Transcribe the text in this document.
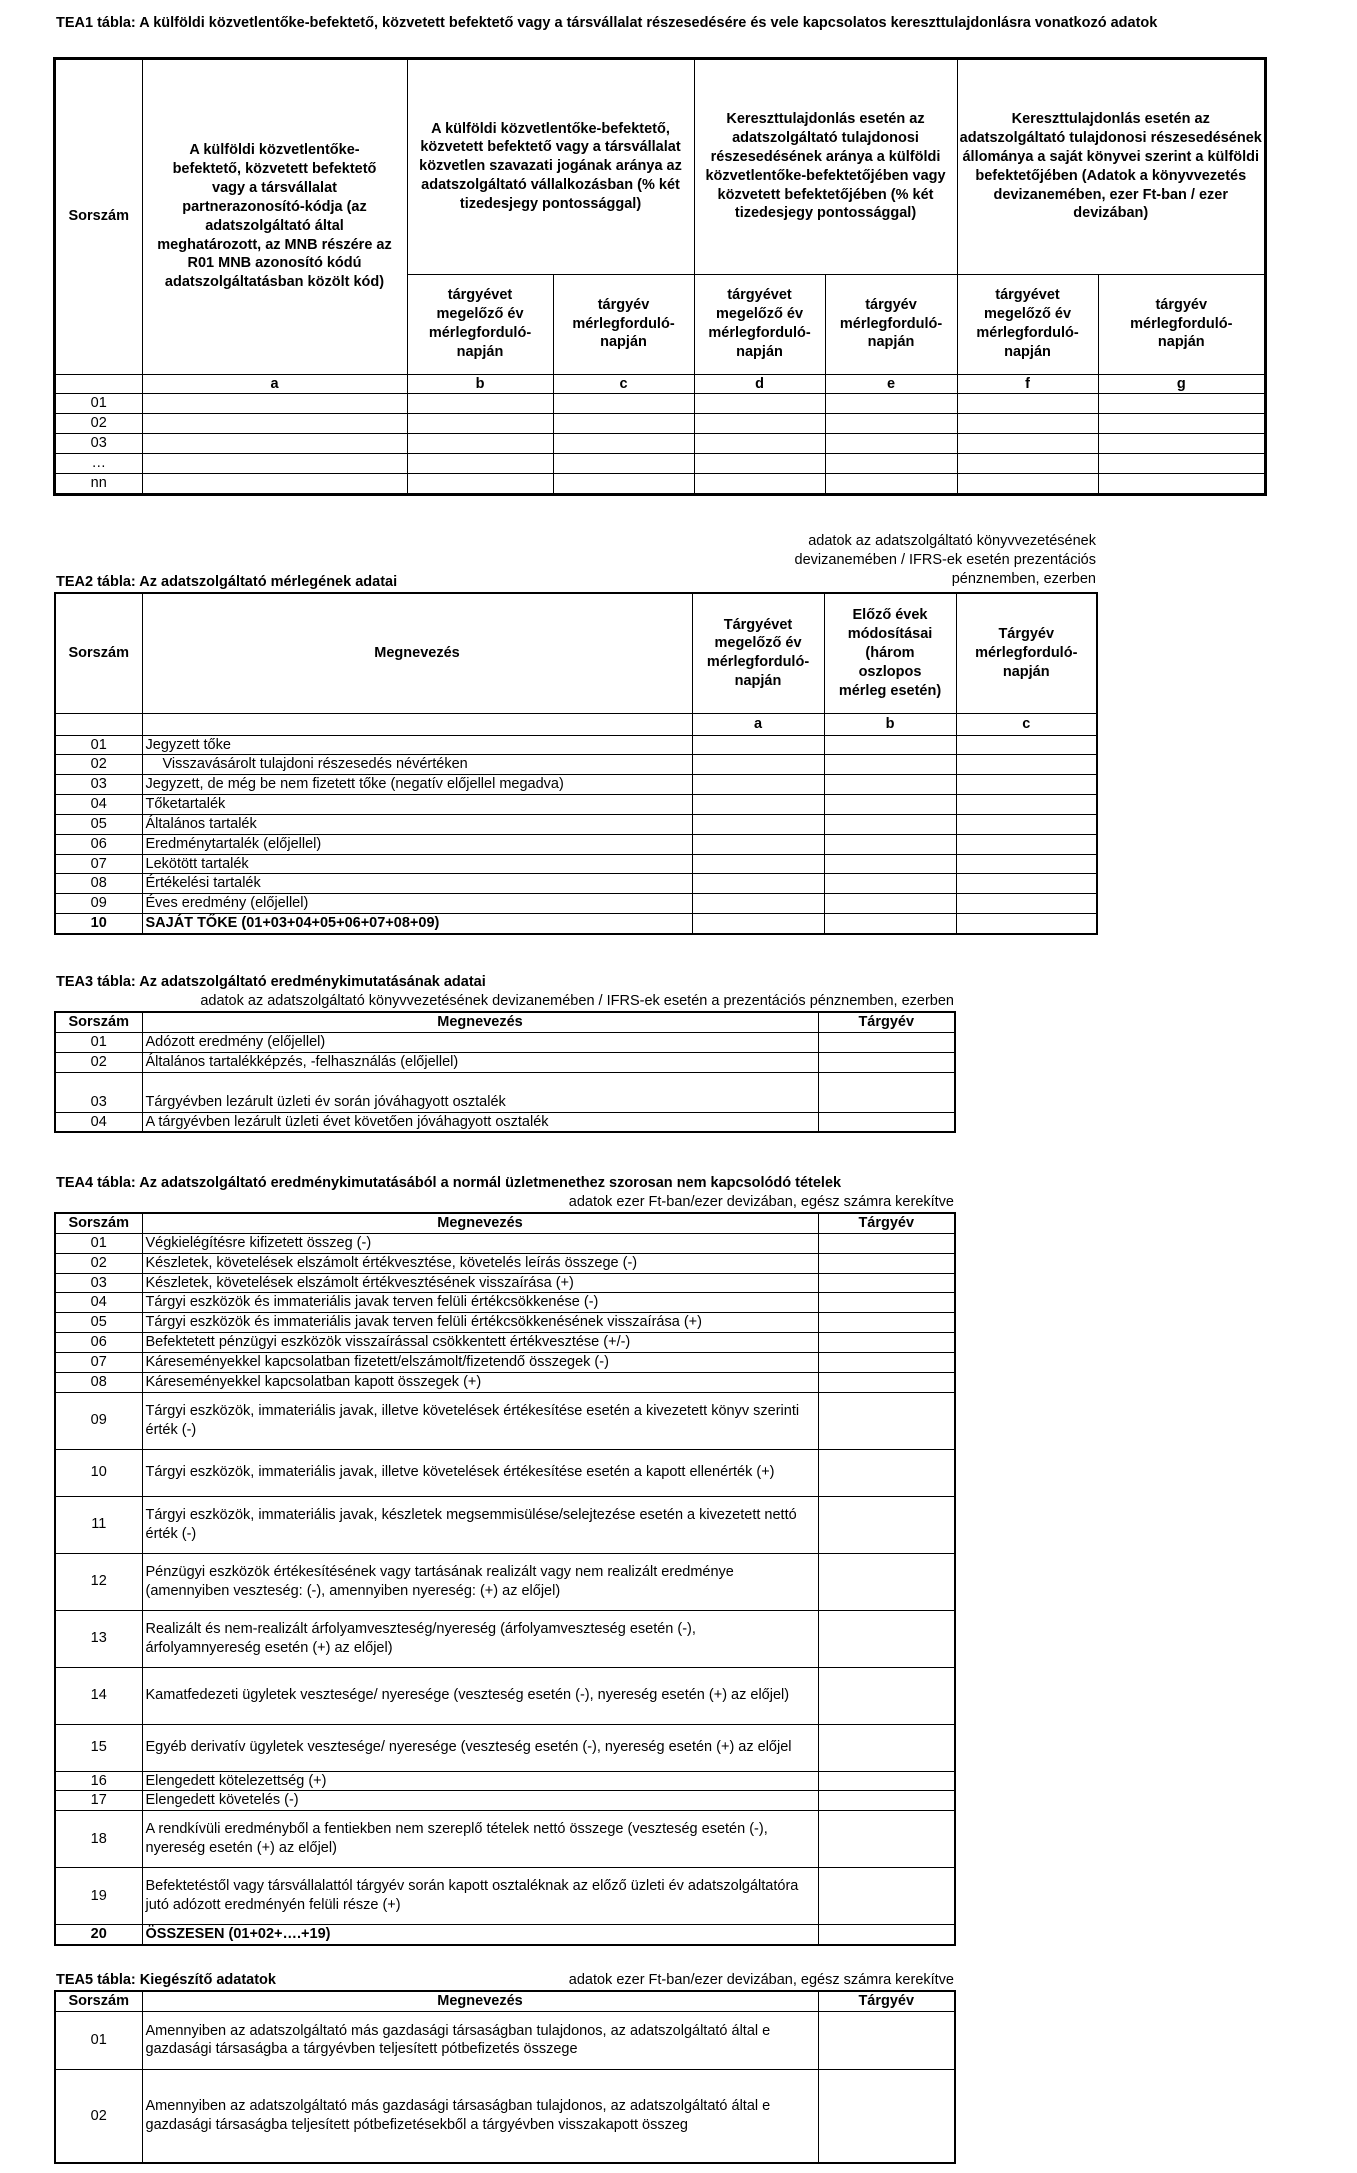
TEA1 tábla: A külföldi közvetlentőke-befektető, közvetett befektető vagy a társvállalat részesedésére és vele kapcsolatos kereszttulajdonlásra vonatkozó adatok
Sorszám	A külföldi közvetlentőke-befektető, közvetett befektető vagy a társvállalat partnerazonosító-kódja (az adatszolgáltató által meghatározott, az MNB részére az R01 MNB azonosító kódú adatszolgáltatásban közölt kód)	A külföldi közvetlentőke-befektető, közvetett befektető vagy a társvállalat közvetlen szavazati jogának aránya az adatszolgáltató vállalkozásban (% két tizedesjegy pontossággal)		Kereszttulajdonlás esetén az adatszolgáltató tulajdonosi részesedésének aránya a külföldi közvetlentőke-befektetőjében vagy közvetett befektetőjében (% két tizedesjegy pontossággal)		Kereszttulajdonlás esetén az adatszolgáltató tulajdonosi részesedésének állománya a saját könyvei szerint a külföldi befektetőjében (Adatok a könyvvezetés devizanemében, ezer Ft-ban / ezer devizában)	
		tárgyévet megelőző év mérlegforduló-napján	tárgyév mérlegforduló-napján	tárgyévet megelőző év mérlegforduló-napján	tárgyév mérlegforduló-napján	tárgyévet megelőző év mérlegforduló-napján	tárgyév mérlegforduló-napján
	a	b	c	d	e	f	g
01							
02							
03							
…							
nn							
adatok az adatszolgáltató könyvvezetésének devizanemében / IFRS-ek esetén prezentációs pénznemben, ezerben
TEA2 tábla: Az adatszolgáltató mérlegének adatai
Sorszám	Megnevezés	Tárgyévet megelőző év mérlegforduló-napján	Előző évek módosításai (három oszlopos mérleg esetén)	Tárgyév mérlegforduló-napján
		a	b	c
01	Jegyzett tőke			
02	Visszavásárolt tulajdoni részesedés névértéken			
03	Jegyzett, de még be nem fizetett tőke (negatív előjellel megadva)			
04	Tőketartalék			
05	Általános tartalék			
06	Eredménytartalék (előjellel)			
07	Lekötött tartalék			
08	Értékelési tartalék			
09	Éves eredmény (előjellel)			
10	SAJÁT TŐKE (01+03+04+05+06+07+08+09)			
TEA3 tábla: Az adatszolgáltató eredménykimutatásának adatai
adatok az adatszolgáltató könyvvezetésének devizanemében / IFRS-ek esetén a prezentációs pénznemben, ezerben
Sorszám	Megnevezés	Tárgyév
01	Adózott eredmény (előjellel)	
02	Általános tartalékképzés, -felhasználás (előjellel)	
03	Tárgyévben lezárult üzleti év során jóváhagyott osztalék	
04	A tárgyévben lezárult üzleti évet követően jóváhagyott osztalék	
TEA4 tábla: Az adatszolgáltató eredménykimutatásából a normál üzletmenethez szorosan nem kapcsolódó tételek
adatok ezer Ft-ban/ezer devizában, egész számra kerekítve
Sorszám	Megnevezés	Tárgyév
01	Végkielégítésre kifizetett összeg (-)	
02	Készletek, követelések elszámolt értékvesztése, követelés leírás összege (-)	
03	Készletek, követelések elszámolt értékvesztésének visszaírása (+)	
04	Tárgyi eszközök és immateriális javak terven felüli értékcsökkenése (-)	
05	Tárgyi eszközök és immateriális javak terven felüli értékcsökkenésének visszaírása (+)	
06	Befektetett pénzügyi eszközök visszaírással csökkentett értékvesztése (+/-)	
07	Káreseményekkel kapcsolatban fizetett/elszámolt/fizetendő összegek (-)	
08	Káreseményekkel kapcsolatban kapott összegek (+)	
09	Tárgyi eszközök, immateriális javak, illetve követelések értékesítése esetén a kivezetett könyv szerinti érték (-)	
10	Tárgyi eszközök, immateriális javak, illetve követelések értékesítése esetén a kapott ellenérték (+)	
11	Tárgyi eszközök, immateriális javak, készletek megsemmisülése/selejtezése esetén a kivezetett nettó érték (-)	
12	Pénzügyi eszközök értékesítésének vagy tartásának realizált vagy nem realizált eredménye (amennyiben veszteség: (-), amennyiben nyereség: (+) az előjel)	
13	Realizált és nem-realizált árfolyamveszteség/nyereség (árfolyamveszteség esetén (-), árfolyamnyereség esetén (+) az előjel)	
14	Kamatfedezeti ügyletek vesztesége/ nyeresége (veszteség esetén (-), nyereség esetén (+) az előjel)	
15	Egyéb derivatív ügyletek vesztesége/ nyeresége (veszteség esetén (-), nyereség esetén (+) az előjel	
16	Elengedett kötelezettség (+)	
17	Elengedett követelés (-)	
18	A rendkívüli eredményből a fentiekben nem szereplő tételek nettó összege (veszteség esetén (-), nyereség esetén (+) az előjel)	
19	Befektetéstől vagy társvállalattól tárgyév során kapott osztaléknak az előző üzleti év adatszolgáltatóra jutó adózott eredményén felüli része (+)	
20	ÖSSZESEN (01+02+….+19)	
TEA5 tábla: Kiegészítő adatatok	adatok ezer Ft-ban/ezer devizában, egész számra kerekítve
Sorszám	Megnevezés	Tárgyév
01	Amennyiben az adatszolgáltató más gazdasági társaságban tulajdonos, az adatszolgáltató által e gazdasági társaságba a tárgyévben teljesített pótbefizetés összege	
02	Amennyiben az adatszolgáltató más gazdasági társaságban tulajdonos, az adatszolgáltató által e gazdasági társaságba teljesített pótbefizetésekből a tárgyévben visszakapott összeg	
